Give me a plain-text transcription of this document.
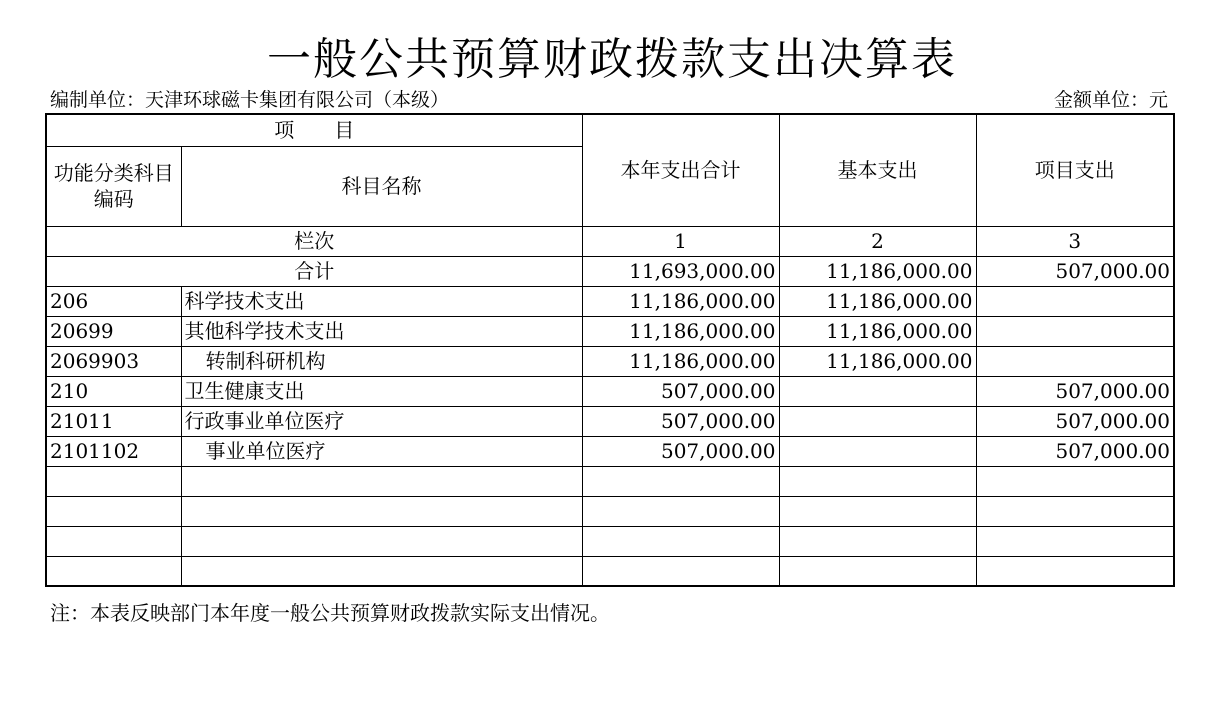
一般公共预算财政拨款支出决算表
编制单位：天津环球磁卡集团有限公司（本级）	金额单位：元
项　　目		本年支出合计	基本支出	项目支出
功能分类科目编码	科目名称			
栏次		1	2	3
合计		11,693,000.00	11,186,000.00	507,000.00
206	科学技术支出	11,186,000.00	11,186,000.00	
20699	其他科学技术支出	11,186,000.00	11,186,000.00	
2069903	转制科研机构	11,186,000.00	11,186,000.00	
210	卫生健康支出	507,000.00		507,000.00
21011	行政事业单位医疗	507,000.00		507,000.00
2101102	事业单位医疗	507,000.00		507,000.00

注：本表反映部门本年度一般公共预算财政拨款实际支出情况。
